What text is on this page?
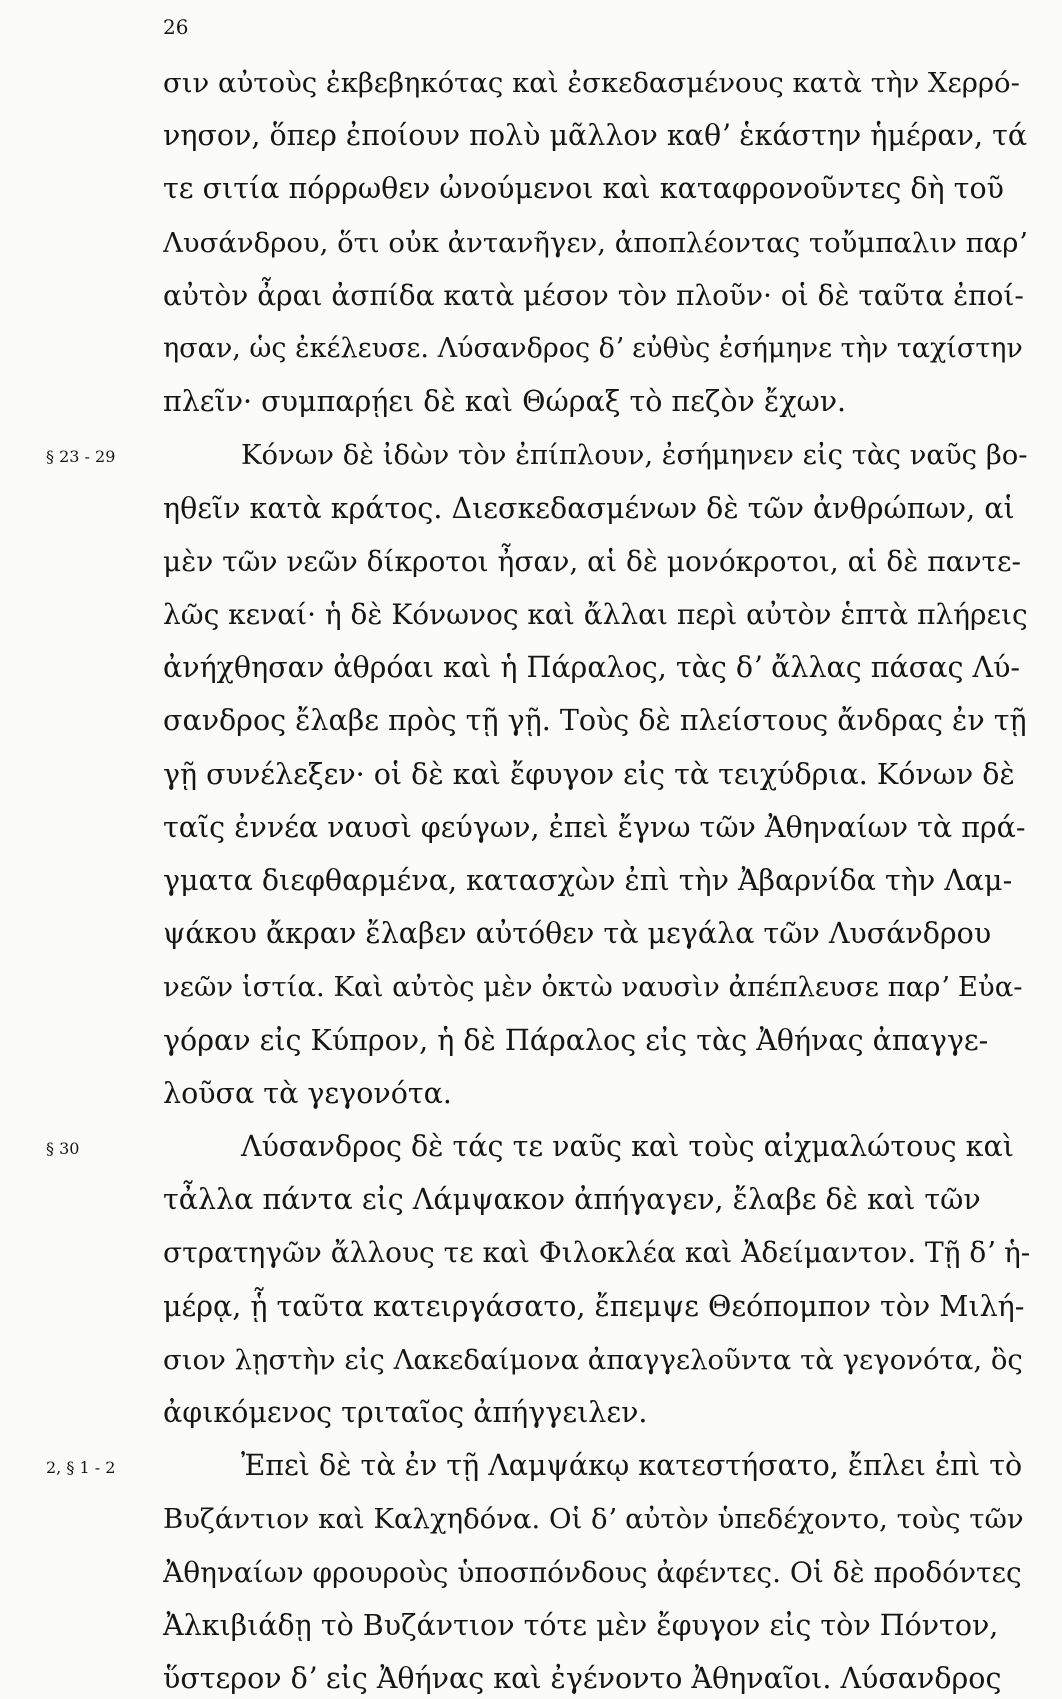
26
σιν αὐτοὺς ἐκβεβηκότας καὶ ἐσκεδασμένους κατὰ τὴν Χερρό-
νησον, ὅπερ ἐποίουν πολὺ μᾶλλον καθʼ ἑκάστην ἡμέραν, τά
τε σιτία πόρρωθεν ὠνούμενοι καὶ καταφρονοῦντες δὴ τοῦ
Λυσάνδρου, ὅτι οὐκ ἀντανῆγεν, ἀποπλέοντας τοὔμπαλιν παρʼ
αὐτὸν ἆραι ἀσπίδα κατὰ μέσον τὸν πλοῦν· οἱ δὲ ταῦτα ἐποί-
ησαν, ὡς ἐκέλευσε. Λύσανδρος δʼ εὐθὺς ἐσήμηνε τὴν ταχίστην
πλεῖν· συμπαρῄει δὲ καὶ Θώραξ τὸ πεζὸν ἔχων.
Κόνων δὲ ἰδὼν τὸν ἐπίπλουν, ἐσήμηνεν εἰς τὰς ναῦς βο-
ηθεῖν κατὰ κράτος. Διεσκεδασμένων δὲ τῶν ἀνθρώπων, αἱ
μὲν τῶν νεῶν δίκροτοι ἦσαν, αἱ δὲ μονόκροτοι, αἱ δὲ παντε-
λῶς κεναί· ἡ δὲ Κόνωνος καὶ ἄλλαι περὶ αὐτὸν ἑπτὰ πλήρεις
ἀνήχθησαν ἀθρόαι καὶ ἡ Πάραλος, τὰς δʼ ἄλλας πάσας Λύ-
σανδρος ἔλαβε πρὸς τῇ γῇ. Τοὺς δὲ πλείστους ἄνδρας ἐν τῇ
γῇ συνέλεξεν· οἱ δὲ καὶ ἔφυγον εἰς τὰ τειχύδρια. Κόνων δὲ
ταῖς ἐννέα ναυσὶ φεύγων, ἐπεὶ ἔγνω τῶν Ἀθηναίων τὰ πρά-
γματα διεφθαρμένα, κατασχὼν ἐπὶ τὴν Ἀβαρνίδα τὴν Λαμ-
ψάκου ἄκραν ἔλαβεν αὐτόθεν τὰ μεγάλα τῶν Λυσάνδρου
νεῶν ἱστία. Καὶ αὐτὸς μὲν ὀκτὼ ναυσὶν ἀπέπλευσε παρʼ Εὐα-
γόραν εἰς Κύπρον, ἡ δὲ Πάραλος εἰς τὰς Ἀθήνας ἀπαγγε-
λοῦσα τὰ γεγονότα.
Λύσανδρος δὲ τάς τε ναῦς καὶ τοὺς αἰχμαλώτους καὶ
τἆλλα πάντα εἰς Λάμψακον ἀπήγαγεν, ἔλαβε δὲ καὶ τῶν
στρατηγῶν ἄλλους τε καὶ Φιλοκλέα καὶ Ἀδείμαντον. Τῇ δʼ ἡ-
μέρᾳ, ᾗ ταῦτα κατειργάσατο, ἔπεμψε Θεόπομπον τὸν Μιλή-
σιον λῃστὴν εἰς Λακεδαίμονα ἀπαγγελοῦντα τὰ γεγονότα, ὃς
ἀφικόμενος τριταῖος ἀπήγγειλεν.
Ἐπεὶ δὲ τὰ ἐν τῇ Λαμψάκῳ κατεστήσατο, ἔπλει ἐπὶ τὸ
Βυζάντιον καὶ Καλχηδόνα. Οἱ δʼ αὐτὸν ὑπεδέχοντο, τοὺς τῶν
Ἀθηναίων φρουροὺς ὑποσπόνδους ἀφέντες. Οἱ δὲ προδόντες
Ἀλκιβιάδῃ τὸ Βυζάντιον τότε μὲν ἔφυγον εἰς τὸν Πόντον,
ὕστερον δʼ εἰς Ἀθήνας καὶ ἐγένοντο Ἀθηναῖοι. Λύσανδρος
§ 23 - 29
§ 30
2, § 1 - 2
